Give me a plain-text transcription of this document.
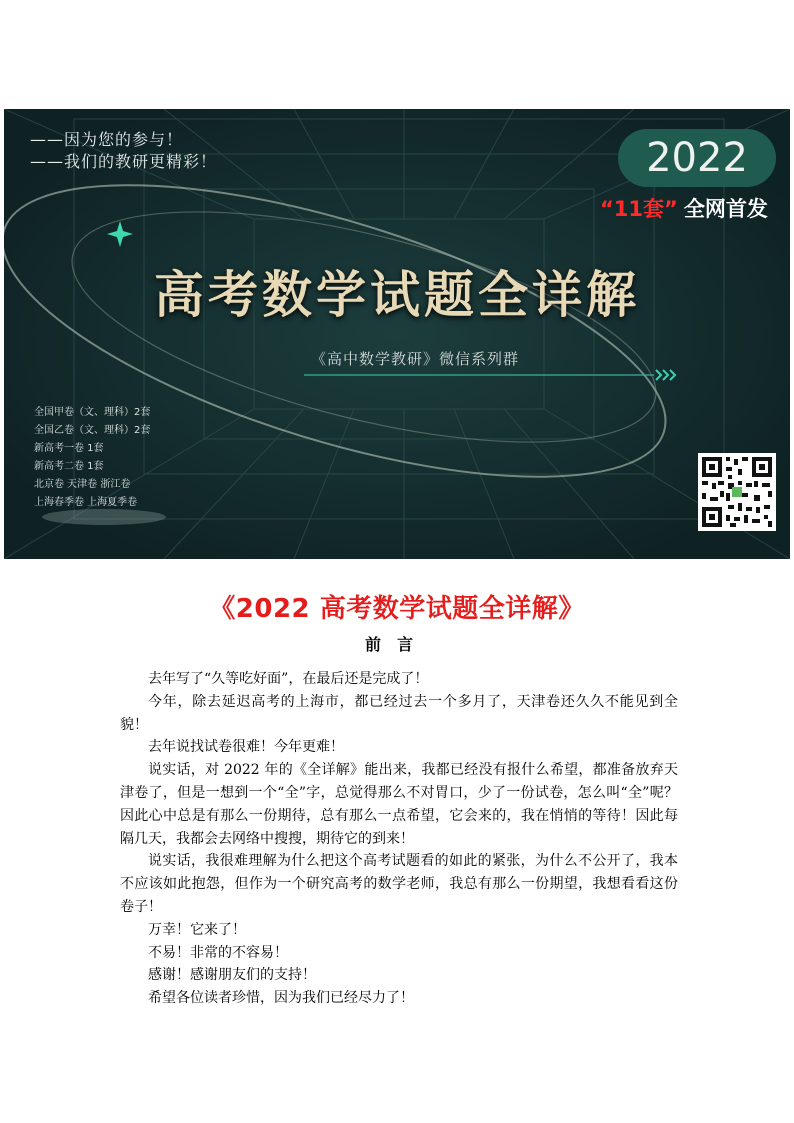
——因为您的参与！
——我们的教研更精彩！	2022
“11套” 全网首发
高考数学试题全详解
《高中数学教研》微信系列群
全国甲卷（文、理科）2套
全国乙卷（文、理科）2套
新高考一卷 1套
新高考二卷 1套
北京卷 天津卷 浙江卷
上海春季卷 上海夏季卷
《2022 高考数学试题全详解》
前言

去年写了“久等吃好面”，在最后还是完成了！

今年，除去延迟高考的上海市，都已经过去一个多月了，天津卷还久久不能见到全貌！

去年说找试卷很难！今年更难！

说实话，对 2022 年的《全详解》能出来，我都已经没有报什么希望，都准备放弃天津卷了，但是一想到一个“全”字，总觉得那么不对胃口，少了一份试卷，怎么叫“全”呢？因此心中总是有那么一份期待，总有那么一点希望，它会来的，我在悄悄的等待！因此每隔几天，我都会去网络中搜搜，期待它的到来！

说实话，我很难理解为什么把这个高考试题看的如此的紧张，为什么不公开了，我本不应该如此抱怨，但作为一个研究高考的数学老师，我总有那么一份期望，我想看看这份卷子！

万幸！它来了！

不易！非常的不容易！

感谢！感谢朋友们的支持！

希望各位读者珍惜，因为我们已经尽力了！
